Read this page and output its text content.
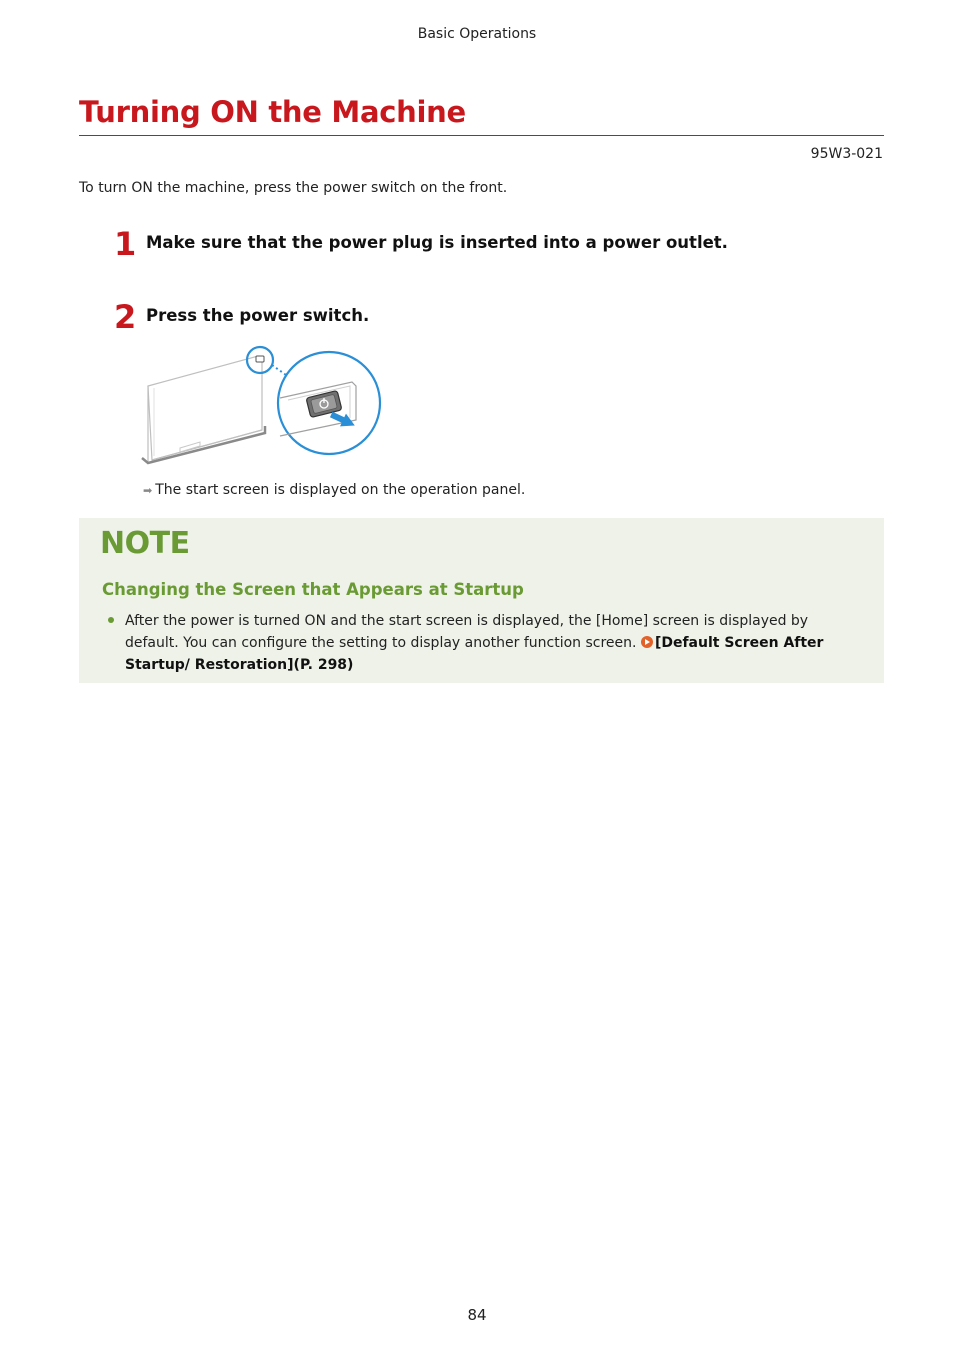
Basic Operations
Turning ON the Machine
95W3-021
To turn ON the machine, press the power switch on the front.
1 Make sure that the power plug is inserted into a power outlet.
2 Press the power switch.
➡ The start screen is displayed on the operation panel.
NOTE
Changing the Screen that Appears at Startup
After the power is turned ON and the start screen is displayed, the [Home] screen is displayed by default. You can configure the setting to display another function screen. [Default Screen After Startup/ Restoration](P. 298)
84
